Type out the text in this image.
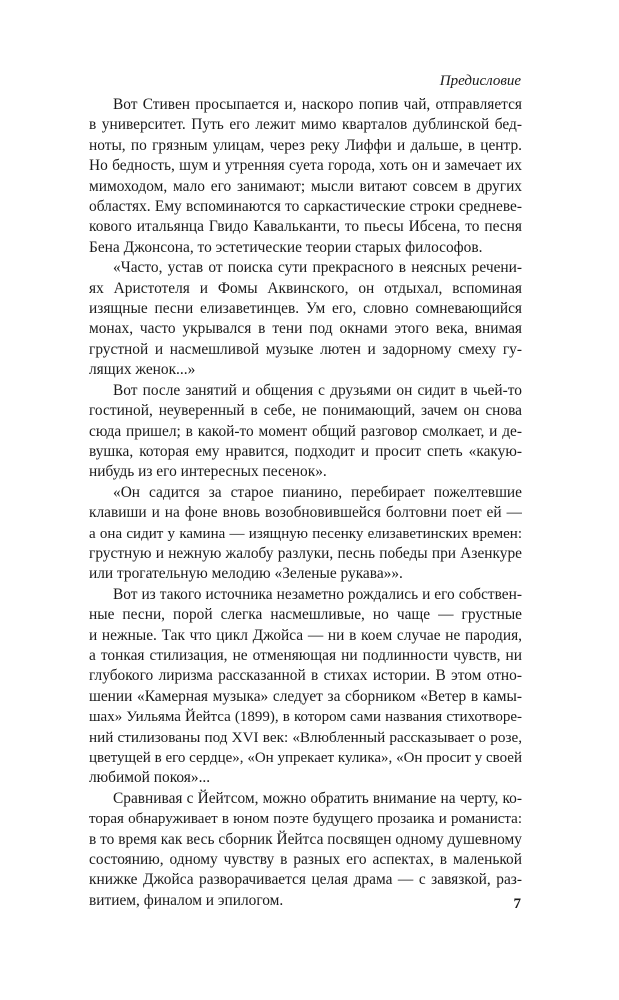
Предисловие
Вот Стивен просыпается и, наскоро попив чай, отправляется
в университет. Путь его лежит мимо кварталов дублинской бед-
ноты, по грязным улицам, через реку Лиффи и дальше, в центр.
Но бедность, шум и утренняя суета города, хоть он и замечает их
мимоходом, мало его занимают; мысли витают совсем в других
областях. Ему вспоминаются то саркастические строки средневе-
кового итальянца Гвидо Кавальканти, то пьесы Ибсена, то песня
Бена Джонсона, то эстетические теории старых философов.
«Часто, устав от поиска сути прекрасного в неясных речени-
ях Аристотеля и Фомы Аквинского, он отдыхал, вспоминая
изящные песни елизаветинцев. Ум его, словно сомневающийся
монах, часто укрывался в тени под окнами этого века, внимая
грустной и насмешливой музыке лютен и задорному смеху гу-
лящих женок...»
Вот после занятий и общения с друзьями он сидит в чьей-то
гостиной, неуверенный в себе, не понимающий, зачем он снова
сюда пришел; в какой-то момент общий разговор смолкает, и де-
вушка, которая ему нравится, подходит и просит спеть «какую-
нибудь из его интересных песенок».
«Он садится за старое пианино, перебирает пожелтевшие
клавиши и на фоне вновь возобновившейся болтовни поет ей —
а она сидит у камина — изящную песенку елизаветинских времен:
грустную и нежную жалобу разлуки, песнь победы при Азенкуре
или трогательную мелодию «Зеленые рукава»».
Вот из такого источника незаметно рождались и его собствен-
ные песни, порой слегка насмешливые, но чаще — грустные
и нежные. Так что цикл Джойса — ни в коем случае не пародия,
а тонкая стилизация, не отменяющая ни подлинности чувств, ни
глубокого лиризма рассказанной в стихах истории. В этом отно-
шении «Камерная музыка» следует за сборником «Ветер в камы-
шах» Уильяма Йейтса (1899), в котором сами названия стихотворе-
ний стилизованы под XVI век: «Влюбленный рассказывает о розе,
цветущей в его сердце», «Он упрекает кулика», «Он просит у своей
любимой покоя»...
Сравнивая с Йейтсом, можно обратить внимание на черту, ко-
торая обнаруживает в юном поэте будущего прозаика и романиста:
в то время как весь сборник Йейтса посвящен одному душевному
состоянию, одному чувству в разных его аспектах, в маленькой
книжке Джойса разворачивается целая драма — с завязкой, раз-
витием, финалом и эпилогом.	7
